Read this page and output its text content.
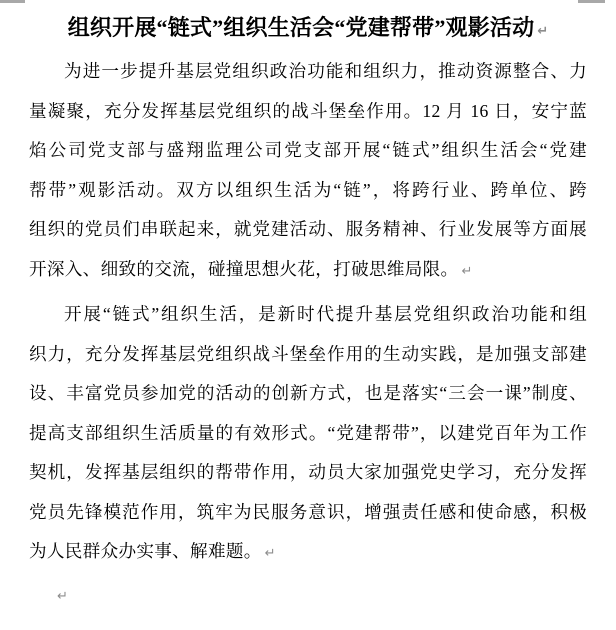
组织开展“链式”组织生活会“党建帮带”观影活动 ↵
为进一步提升基层党组织政治功能和组织力，推动资源整合、力
量凝聚，充分发挥基层党组织的战斗堡垒作用。12 月 16 日，安宁蓝
焰公司党支部与盛翔监理公司党支部开展“链式”组织生活会“党建
帮带”观影活动。双方以组织生活为“链”，将跨行业、跨单位、跨
组织的党员们串联起来，就党建活动、服务精神、行业发展等方面展
开深入、细致的交流，碰撞思想火花，打破思维局限。 ↵
开展“链式”组织生活，是新时代提升基层党组织政治功能和组
织力，充分发挥基层党组织战斗堡垒作用的生动实践，是加强支部建
设、丰富党员参加党的活动的创新方式，也是落实“三会一课”制度、
提高支部组织生活质量的有效形式。“党建帮带”，以建党百年为工作
契机，发挥基层组织的帮带作用，动员大家加强党史学习，充分发挥
党员先锋模范作用，筑牢为民服务意识，增强责任感和使命感，积极
为人民群众办实事、解难题。 ↵
↵
